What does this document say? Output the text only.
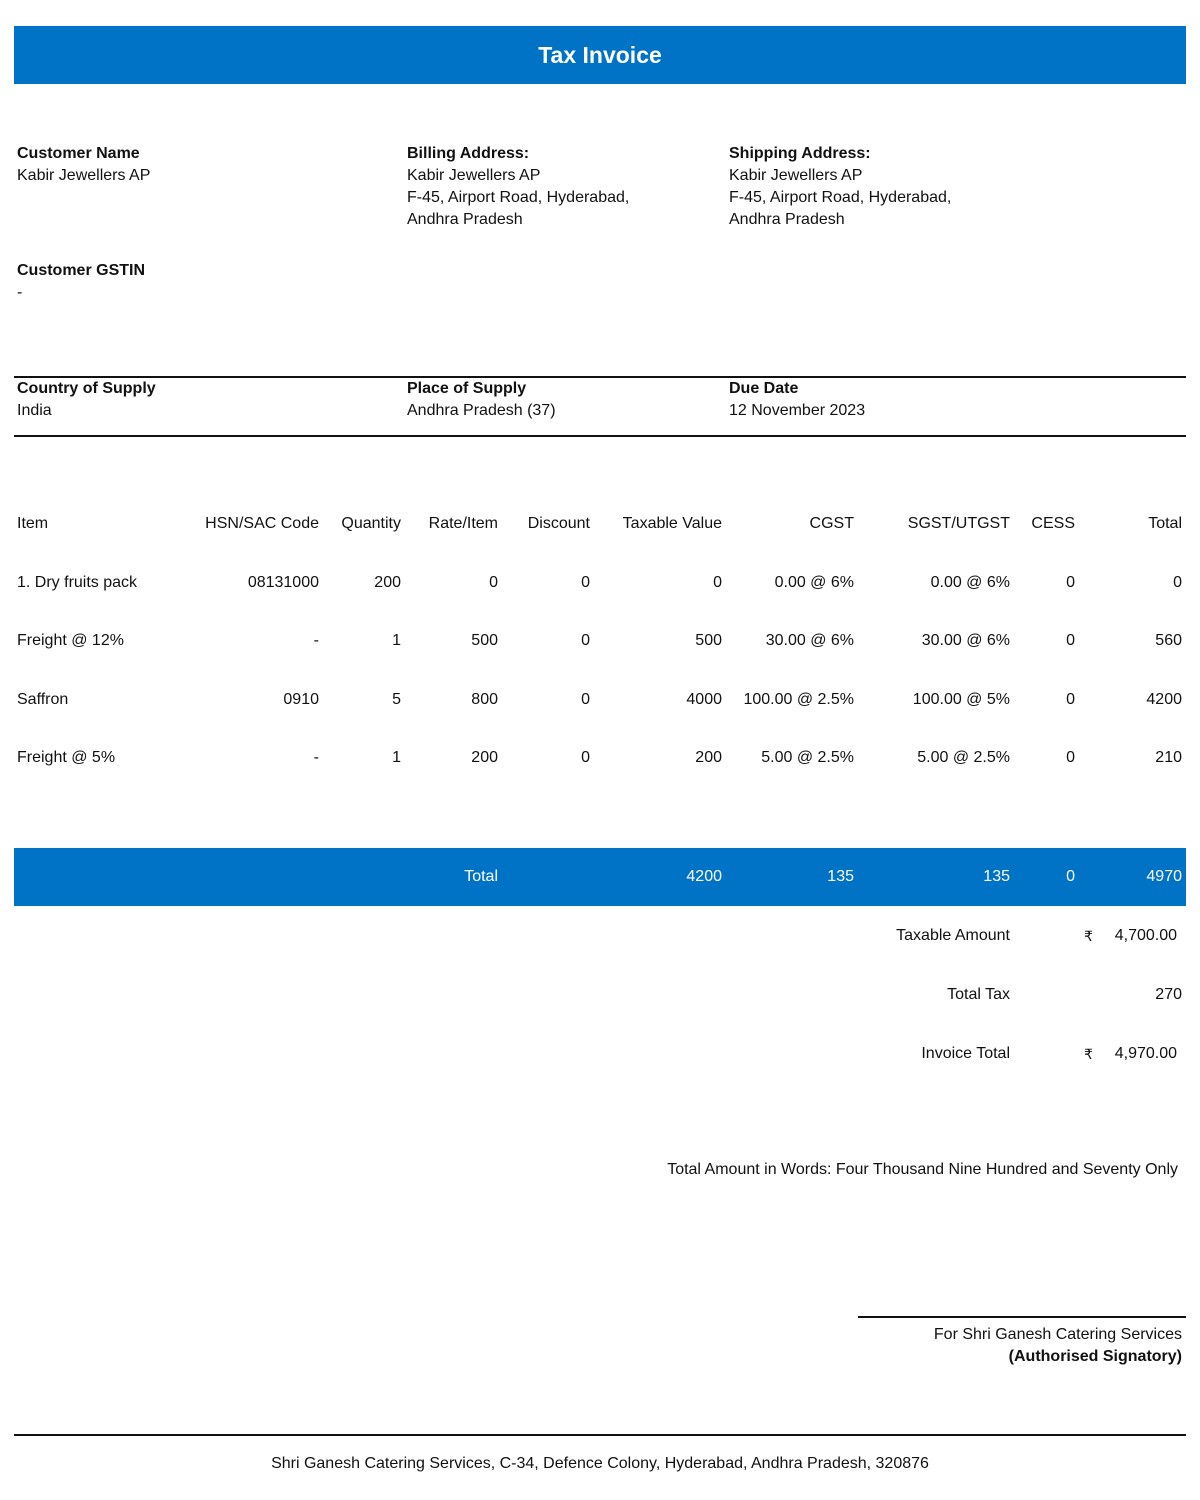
Tax Invoice
Customer Name
Kabir Jewellers AP
Billing Address:
Kabir Jewellers AP
F-45, Airport Road, Hyderabad,
Andhra Pradesh
Shipping Address:
Kabir Jewellers AP
F-45, Airport Road, Hyderabad,
Andhra Pradesh
Customer GSTIN
-
Country of Supply
India
Place of Supply
Andhra Pradesh (37)
Due Date
12 November 2023
Item	HSN/SAC Code	Quantity	Rate/Item	Discount	Taxable Value	CGST	SGST/UTGST	CESS	Total
1. Dry fruits pack	08131000	200	0	0	0	0.00 @ 6%	0.00 @ 6%	0	0
Freight @ 12%	-	1	500	0	500	30.00 @ 6%	30.00 @ 6%	0	560
Saffron	0910	5	800	0	4000	100.00 @ 2.5%	100.00 @ 5%	0	4200
Freight @ 5%	-	1	200	0	200	5.00 @ 2.5%	5.00 @ 2.5%	0	210
Total	4200	135	135	0	4970
Taxable Amount	₹ 4,700.00
Total Tax	270
Invoice Total	₹ 4,970.00
Total Amount in Words: Four Thousand Nine Hundred and Seventy Only
For Shri Ganesh Catering Services
(Authorised Signatory)
Shri Ganesh Catering Services, C-34, Defence Colony, Hyderabad, Andhra Pradesh, 320876
